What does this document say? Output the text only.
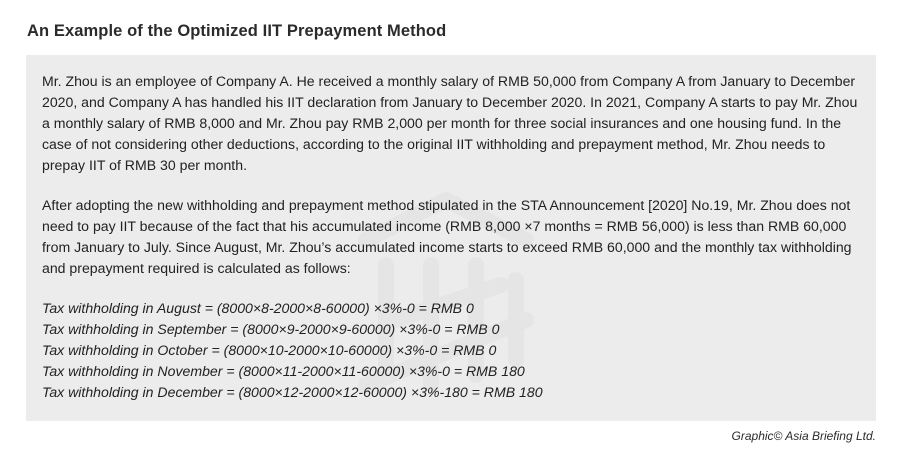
An Example of the Optimized IIT Prepayment Method

Mr. Zhou is an employee of Company A. He received a monthly salary of RMB 50,000 from Company A from January to December 2020, and Company A has handled his IIT declaration from January to December 2020. In 2021, Company A starts to pay Mr. Zhou a monthly salary of RMB 8,000 and Mr. Zhou pay RMB 2,000 per month for three social insurances and one housing fund. In the case of not considering other deductions, according to the original IIT withholding and prepayment method, Mr. Zhou needs to prepay IIT of RMB 30 per month.

After adopting the new withholding and prepayment method stipulated in the STA Announcement [2020] No.19, Mr. Zhou does not need to pay IIT because of the fact that his accumulated income (RMB 8,000 ×7 months = RMB 56,000) is less than RMB 60,000 from January to July. Since August, Mr. Zhou’s accumulated income starts to exceed RMB 60,000 and the monthly tax withholding and prepayment required is calculated as follows:

Tax withholding in August = (8000×8-2000×8-60000) ×3%-0 = RMB 0
Tax withholding in September = (8000×9-2000×9-60000) ×3%-0 = RMB 0
Tax withholding in October = (8000×10-2000×10-60000) ×3%-0 = RMB 0
Tax withholding in November = (8000×11-2000×11-60000) ×3%-0 = RMB 180
Tax withholding in December = (8000×12-2000×12-60000) ×3%-180 = RMB 180
Graphic© Asia Briefing Ltd.
